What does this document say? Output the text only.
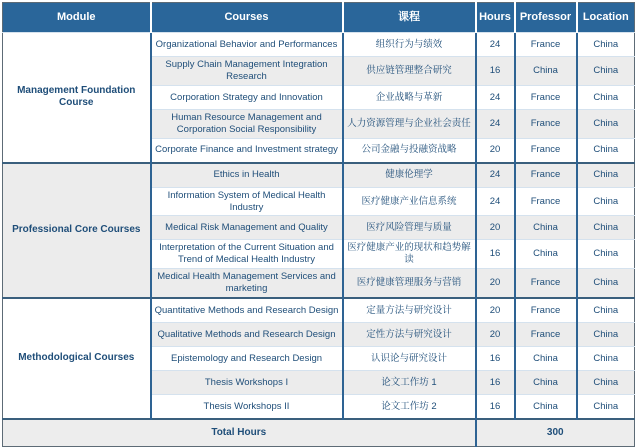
Module	Courses	课程	Hours	Professor	Location
Management Foundation Course	Organizational Behavior and Performances	组织行为与绩效	24	France	China
	Supply Chain Management Integration Research	供应链管理整合研究	16	China	China
	Corporation Strategy and Innovation	企业战略与革新	24	France	China
	Human Resource Management and Corporation Social Responsibility	人力资源管理与企业社会责任	24	France	China
	Corporate Finance and Investment strategy	公司金融与投融资战略	20	France	China
Professional Core Courses	Ethics in Health	健康伦理学	24	France	China
	Information System of Medical Health Industry	医疗健康产业信息系统	24	France	China
	Medical Risk Management and Quality	医疗风险管理与质量	20	China	China
	Interpretation of the Current Situation and Trend of Medical Health Industry	医疗健康产业的现状和趋势解读	16	China	China
	Medical Health Management Services and marketing	医疗健康管理服务与营销	20	France	China
Methodological Courses	Quantitative Methods and Research Design	定量方法与研究设计	20	France	China
	Qualitative Methods and Research Design	定性方法与研究设计	20	France	China
	Epistemology and Research Design	认识论与研究设计	16	China	China
	Thesis Workshops I	论文工作坊 1	16	China	China
	Thesis Workshops II	论文工作坊 2	16	China	China
Total Hours			300		
